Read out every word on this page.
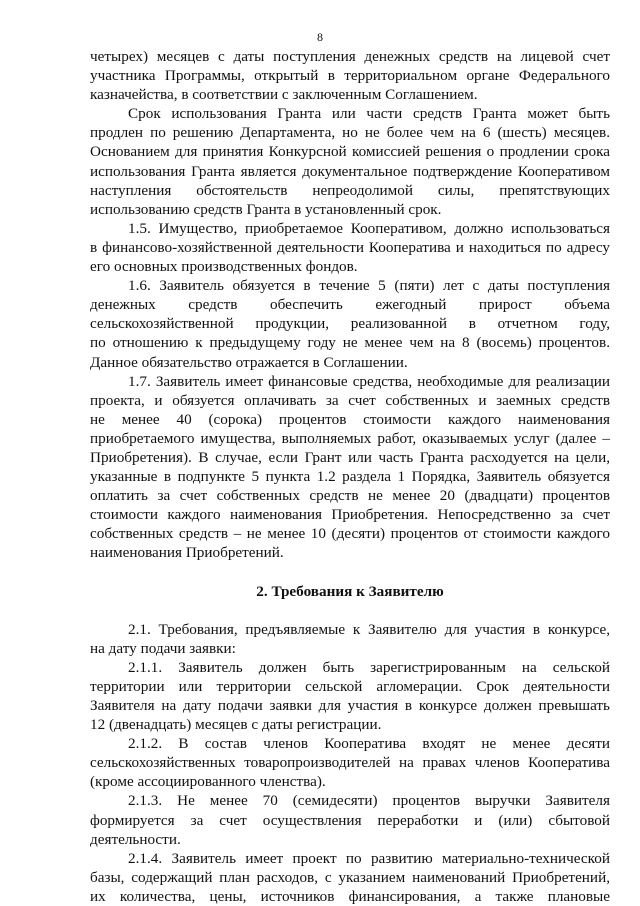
8

четырех) месяцев с даты поступления денежных средств на лицевой счет
участника Программы, открытый в территориальном органе Федерального
казначейства, в соответствии с заключенным Соглашением.

Срок использования Гранта или части средств Гранта может быть
продлен по решению Департамента, но не более чем на 6 (шесть) месяцев.
Основанием для принятия Конкурсной комиссией решения о продлении срока
использования Гранта является документальное подтверждение Кооперативом
наступления обстоятельств непреодолимой силы, препятствующих
использованию средств Гранта в установленный срок.

1.5. Имущество, приобретаемое Кооперативом, должно использоваться
в финансово-хозяйственной деятельности Кооператива и находиться по адресу
его основных производственных фондов.

1.6. Заявитель обязуется в течение 5 (пяти) лет с даты поступления
денежных средств обеспечить ежегодный прирост объема
сельскохозяйственной продукции, реализованной в отчетном году,
по отношению к предыдущему году не менее чем на 8 (восемь) процентов.
Данное обязательство отражается в Соглашении.

1.7. Заявитель имеет финансовые средства, необходимые для реализации
проекта, и обязуется оплачивать за счет собственных и заемных средств
не менее 40 (сорока) процентов стоимости каждого наименования
приобретаемого имущества, выполняемых работ, оказываемых услуг (далее –
Приобретения). В случае, если Грант или часть Гранта расходуется на цели,
указанные в подпункте 5 пункта 1.2 раздела 1 Порядка, Заявитель обязуется
оплатить за счет собственных средств не менее 20 (двадцати) процентов
стоимости каждого наименования Приобретения. Непосредственно за счет
собственных средств – не менее 10 (десяти) процентов от стоимости каждого
наименования Приобретений.

2. Требования к Заявителю

2.1. Требования, предъявляемые к Заявителю для участия в конкурсе,
на дату подачи заявки:

2.1.1. Заявитель должен быть зарегистрированным на сельской
территории или территории сельской агломерации. Срок деятельности
Заявителя на дату подачи заявки для участия в конкурсе должен превышать
12 (двенадцать) месяцев с даты регистрации.

2.1.2. В состав членов Кооператива входят не менее десяти
сельскохозяйственных товаропроизводителей на правах членов Кооператива
(кроме ассоциированного членства).

2.1.3. Не менее 70 (семидесяти) процентов выручки Заявителя
формируется за счет осуществления переработки и (или) сбытовой
деятельности.

2.1.4. Заявитель имеет проект по развитию материально-технической
базы, содержащий план расходов, с указанием наименований Приобретений,
их количества, цены, источников финансирования, а также плановые
